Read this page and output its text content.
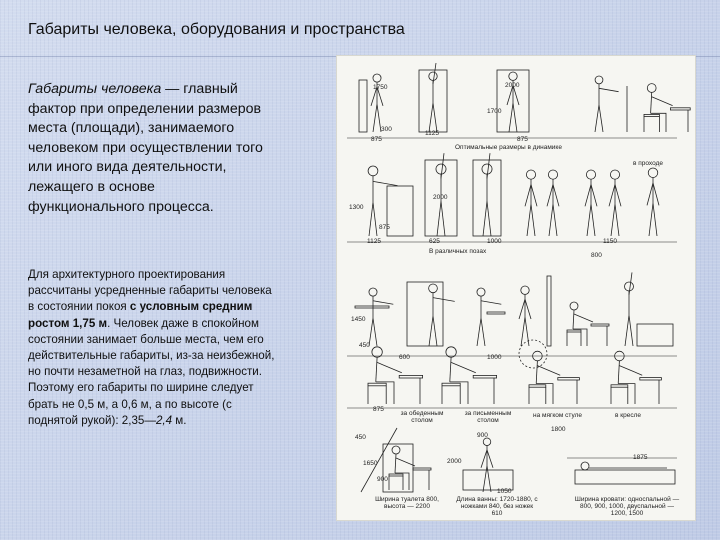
Габариты человека, оборудования и пространства
Габариты человека — главный фактор при определении размеров места (площади), занимаемого человеком при осуществлении того или иного вида деятельности, лежащего в основе функционального процесса.
Для архитектурного проектирования рассчитаны усредненные габариты человека в состоянии покоя с условным средним ростом 1,75 м. Человек даже в спокойном состоянии занимает больше места, чем его действительные габариты, из-за неизбежной, но почти незаметной на глаз, подвижности. Поэтому его габариты по ширине следует брать не 0,5 м, а 0,6 м, а по высоте (с поднятой рукой): 2,35—2,4 м.
Оптимальные размеры в динамике
в проходе
В различных позах
за обеденным столом
за письменным столом
на мягком стуле	в кресле
Ширина туалета 800, высота — 2200
Длина ванны: 1720-1880, с ножками 840, без ножек 610
Ширина кровати: односпальной — 800, 900, 1000, двуспальной — 1200, 1500
1750
300
1125
875
2000
1700
875
1300
2000
875
1125	625	1000	1150
800
1450
450
600	1000
875
450	900
1800
1875
900
1650	2000
1050
